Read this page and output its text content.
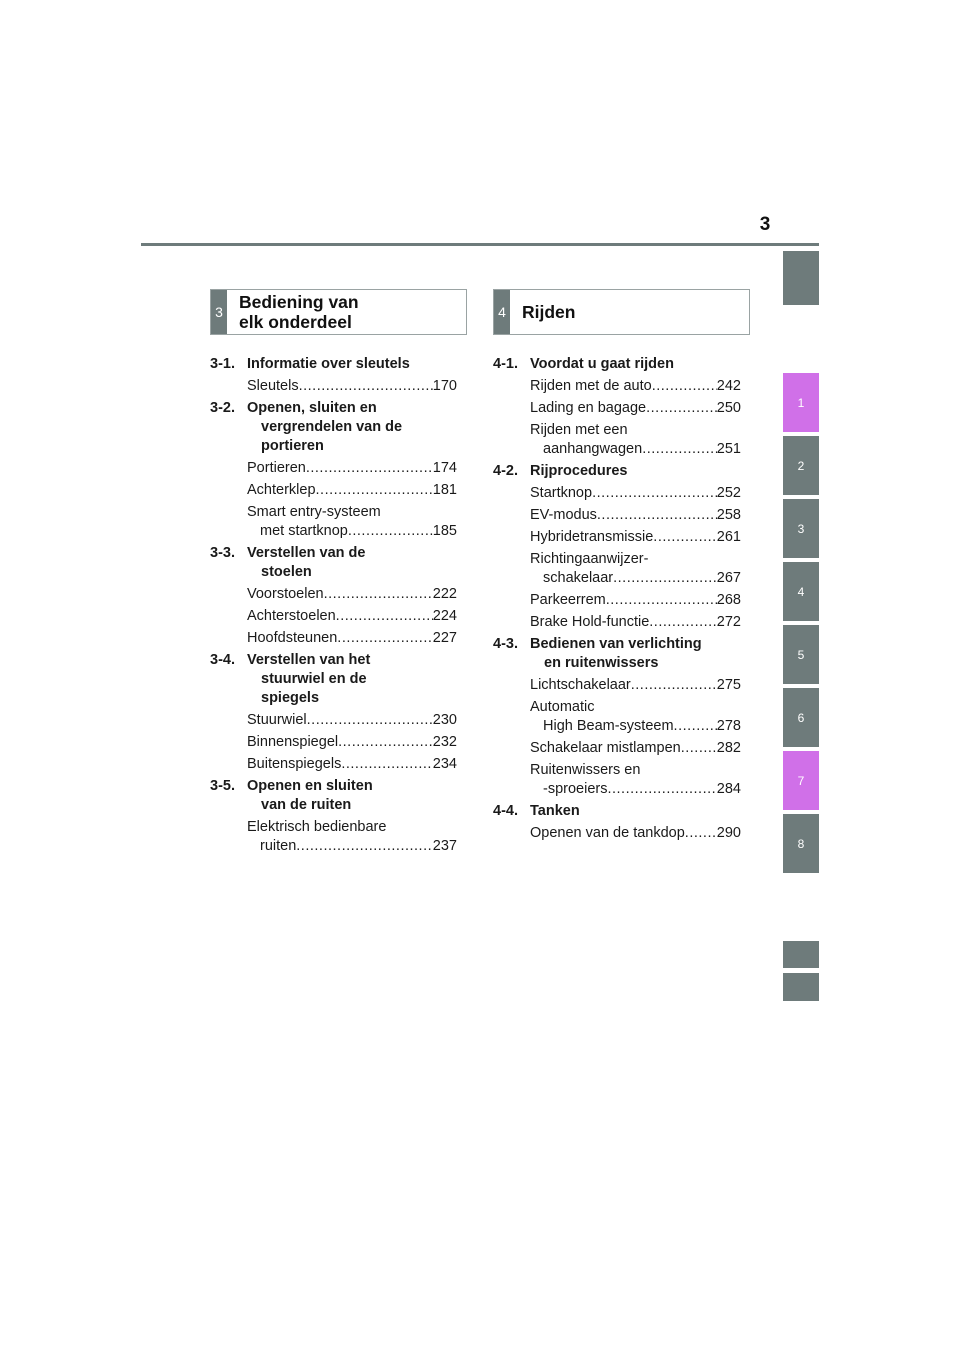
3
1
2
3
4
5
6
7
8
3 Bediening van
elk onderdeel	4 Rijden
3-1. Informatie over sleutels
Sleutels .....	170
3-2. Openen, sluiten en
vergrendelen van de
portieren
Portieren .....	174
Achterklep .....	181
Smart entry-systeem
met startknop .....	185
3-3. Verstellen van de
stoelen
Voorstoelen .....	222
Achterstoelen .....	224
Hoofdsteunen .....	227
3-4. Verstellen van het
stuurwiel en de
spiegels
Stuurwiel .....	230
Binnenspiegel .....	232
Buitenspiegels .....	234
3-5. Openen en sluiten
van de ruiten
Elektrisch bedienbare
ruiten .....	237
4-1. Voordat u gaat rijden
Rijden met de auto .....	242
Lading en bagage .....	250
Rijden met een
aanhangwagen .....	251
4-2. Rijprocedures
Startknop .....	252
EV-modus .....	258
Hybridetransmissie .....	261
Richtingaanwijzer-
schakelaar .....	267
Parkeerrem .....	268
Brake Hold-functie .....	272
4-3. Bedienen van verlichting
en ruitenwissers
Lichtschakelaar .....	275
Automatic
High Beam-systeem .....	278
Schakelaar mistlampen ..... 282
Ruitenwissers en
-sproeiers .....	284
4-4. Tanken
Openen van de tankdop ..... 290
